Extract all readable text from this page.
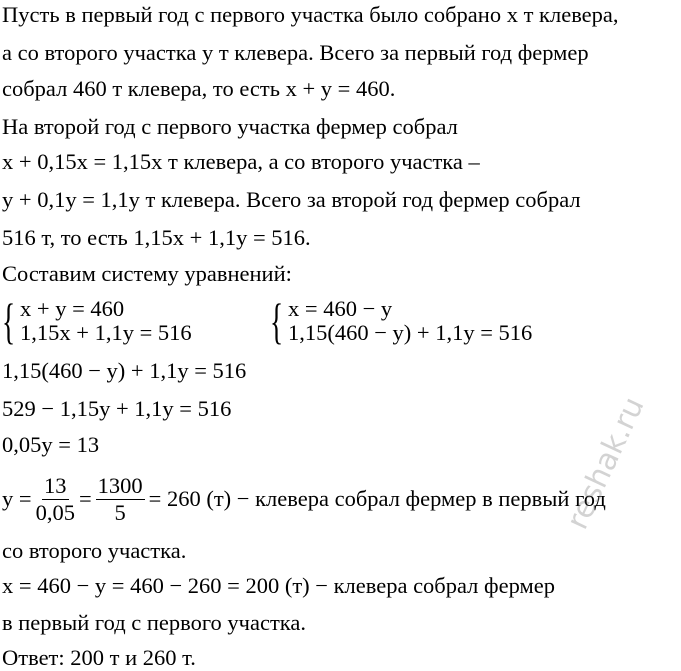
Пусть в первый год с первого участка было собрано x т клевера,
а со второго участка y т клевера. Всего за первый год фермер
собрал 460 т клевера, то есть x + y = 460.
На второй год с первого участка фермер собрал
x + 0,15x = 1,15x т клевера, а со второго участка –
y + 0,1y = 1,1y т клевера. Всего за второй год фермер собрал
516 т, то есть 1,15x + 1,1y = 516.
Составим систему уравнений:
{ x + y = 460
1,15x + 1,1y = 516 { x = 460 − y
1,15(460 − y) + 1,1y = 516
1,15(460 − y) + 1,1y = 516
529 − 1,15y + 1,1y = 516
0,05y = 13
$y = \frac{13}{0,05} = \frac{1300}{5} = 260$ (т) − клевера собрал фермер в первый год
со второго участка.
x = 460 − y = 460 − 260 = 200 (т) − клевера собрал фермер
в первый год с первого участка.
Ответ: 200 т и 260 т.
reshak.ru
